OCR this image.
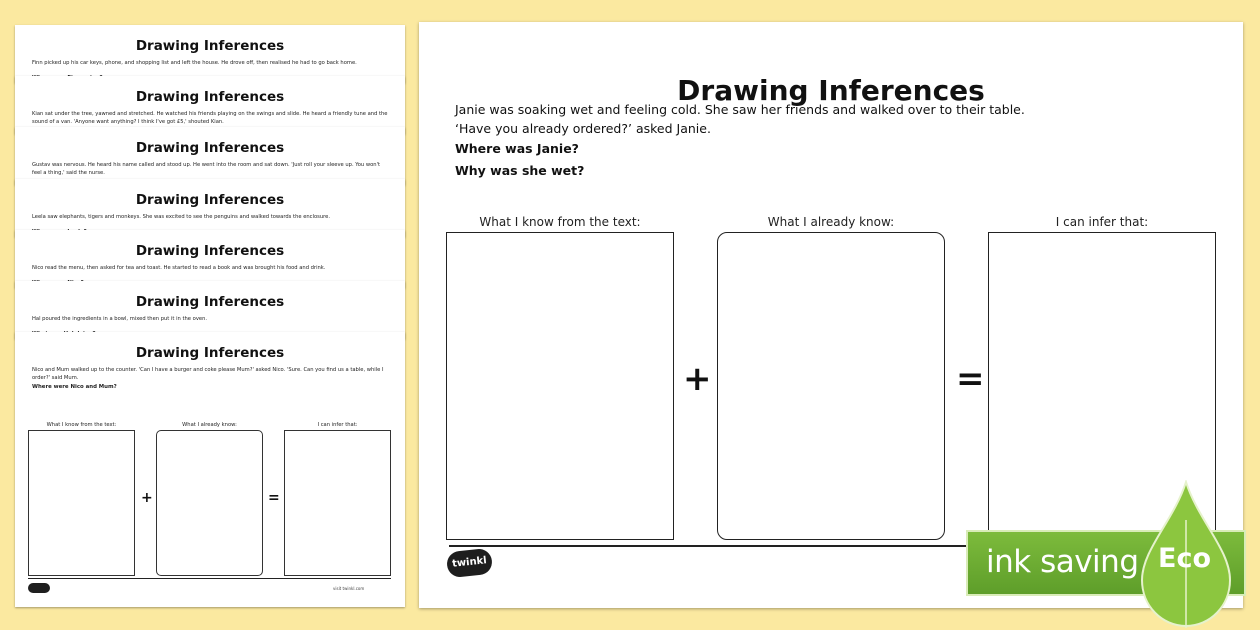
Drawing Inferences
Finn picked up his car keys, phone, and shopping list and left the house. He drove off, then realised he had to go back home.
Drawing Inferences
Kian sat under the tree, yawned and stretched. He watched his friends playing on the swings and slide. He heard a friendly tune and the sound of a van. 'Anyone want anything? I think I've got £5,' shouted Kian.
Drawing Inferences
Gustav was nervous. He heard his name called and stood up. He went into the room and sat down. 'Just roll your sleeve up. You won't feel a thing,' said the nurse.
Drawing Inferences
Leela saw elephants, tigers and monkeys. She was excited to see the penguins and walked towards the enclosure.
Drawing Inferences
Nico read the menu, then asked for tea and toast. He started to read a book and was brought his food and drink.
Drawing Inferences
Hal poured the ingredients in a bowl, mixed then put it in the oven.
Drawing Inferences
Nico and Mum walked up to the counter. 'Can I have a burger and coke please Mum?' asked Nico. 'Sure. Can you find us a table, while I order?' said Mum.
Where were Nico and Mum?
What I know from the text:	What I already know:	I can infer that:
+	=
visit twinkl.com
Drawing Inferences
Janie was soaking wet and feeling cold. She saw her friends and walked over to their table.
‘Have you already ordered?’ asked Janie.
Where was Janie?
Why was she wet?
What I know from the text:	What I already know:	I can infer that:
+	=
twinkl	ink saving Eco
